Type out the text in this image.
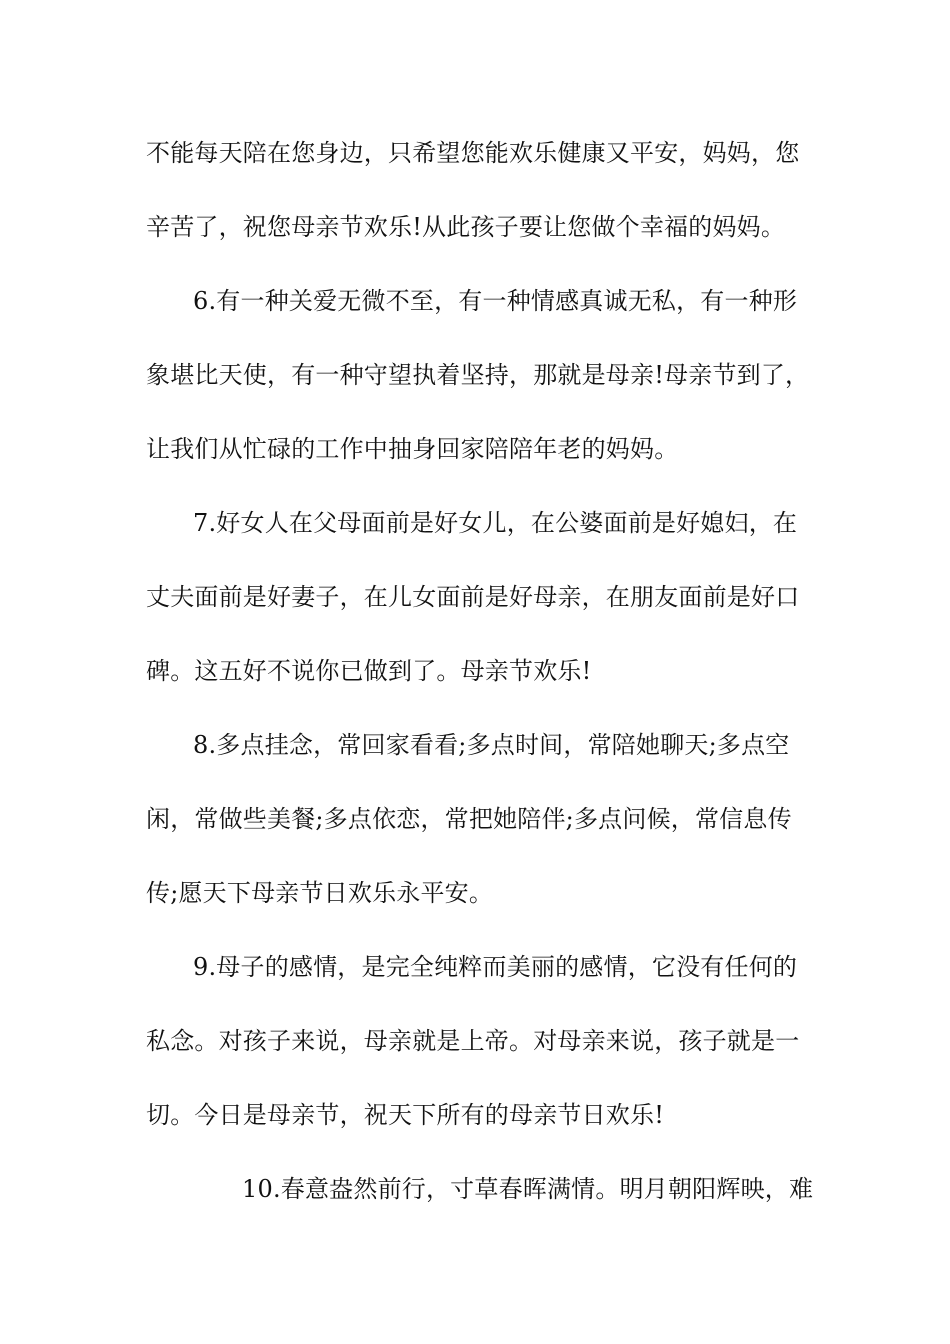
不能每天陪在您身边，只希望您能欢乐健康又平安，妈妈，您
辛苦了，祝您母亲节欢乐!从此孩子要让您做个幸福的妈妈。
6.有一种关爱无微不至，有一种情感真诚无私，有一种形
象堪比天使，有一种守望执着坚持，那就是母亲!母亲节到了，
让我们从忙碌的工作中抽身回家陪陪年老的妈妈。
7.好女人在父母面前是好女儿，在公婆面前是好媳妇，在
丈夫面前是好妻子，在儿女面前是好母亲，在朋友面前是好口
碑。这五好不说你已做到了。母亲节欢乐!
8.多点挂念，常回家看看;多点时间，常陪她聊天;多点空
闲，常做些美餐;多点依恋，常把她陪伴;多点问候，常信息传
传;愿天下母亲节日欢乐永平安。
9.母子的感情，是完全纯粹而美丽的感情，它没有任何的
私念。对孩子来说，母亲就是上帝。对母亲来说，孩子就是一
切。今日是母亲节，祝天下所有的母亲节日欢乐!
10.春意盎然前行，寸草春晖满情。明月朝阳辉映，难
